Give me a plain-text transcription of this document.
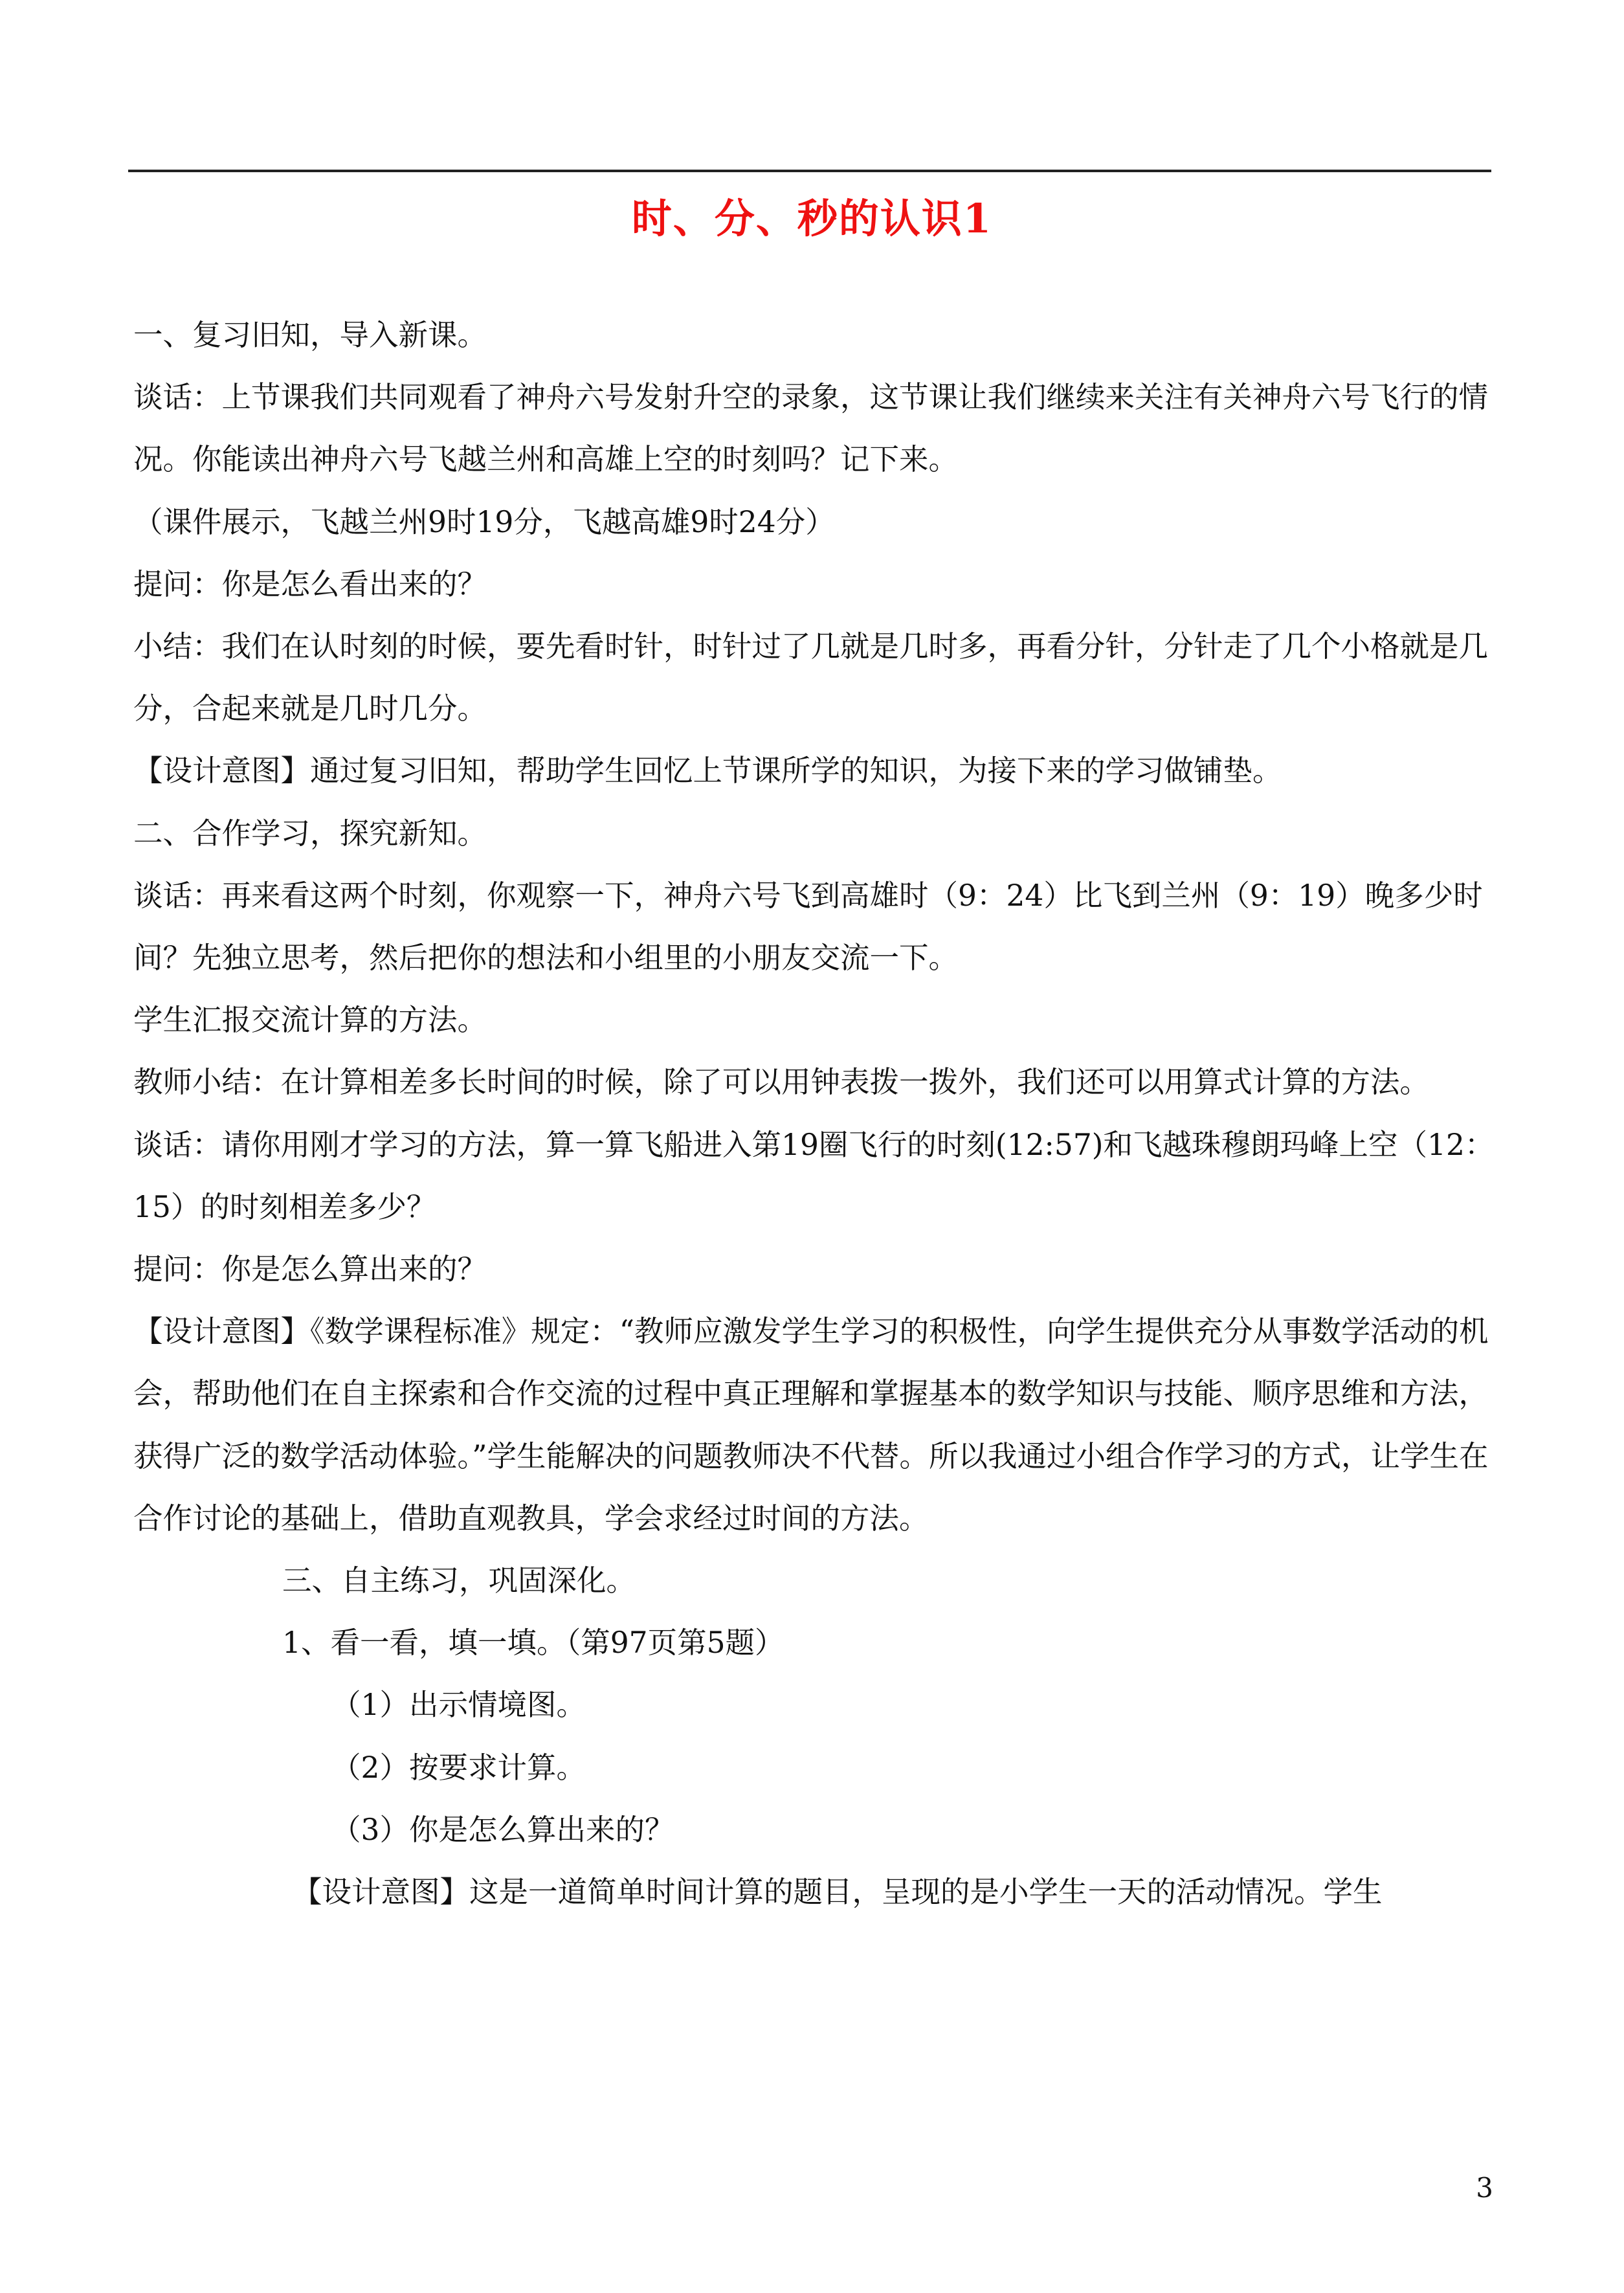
时、分、秒的认识1

一、复习旧知，导入新课。

谈话：上节课我们共同观看了神舟六号发射升空的录象，这节课让我们继续来关注有关神舟六号飞行的情况。你能读出神舟六号飞越兰州和高雄上空的时刻吗？记下来。

（课件展示，飞越兰州9时19分，飞越高雄9时24分）

提问：你是怎么看出来的？

小结：我们在认时刻的时候，要先看时针，时针过了几就是几时多，再看分针，分针走了几个小格就是几分，合起来就是几时几分。

【设计意图】通过复习旧知，帮助学生回忆上节课所学的知识，为接下来的学习做铺垫。

二、合作学习，探究新知。

谈话：再来看这两个时刻，你观察一下，神舟六号飞到高雄时（9：24）比飞到兰州（9：19）晚多少时间？先独立思考，然后把你的想法和小组里的小朋友交流一下。

学生汇报交流计算的方法。

教师小结：在计算相差多长时间的时候，除了可以用钟表拨一拨外，我们还可以用算式计算的方法。

谈话：请你用刚才学习的方法，算一算飞船进入第19圈飞行的时刻(12:57)和飞越珠穆朗玛峰上空（12：15）的时刻相差多少？

提问：你是怎么算出来的？

【设计意图】《数学课程标准》规定：“教师应激发学生学习的积极性，向学生提供充分从事数学活动的机会，帮助他们在自主探索和合作交流的过程中真正理解和掌握基本的数学知识与技能、顺序思维和方法，获得广泛的数学活动体验。”学生能解决的问题教师决不代替。所以我通过小组合作学习的方式，让学生在合作讨论的基础上，借助直观教具，学会求经过时间的方法。

三、自主练习，巩固深化。

1、看一看，填一填。（第97页第5题）

（1）出示情境图。

（2）按要求计算。

（3）你是怎么算出来的？

【设计意图】这是一道简单时间计算的题目，呈现的是小学生一天的活动情况。学生

3
